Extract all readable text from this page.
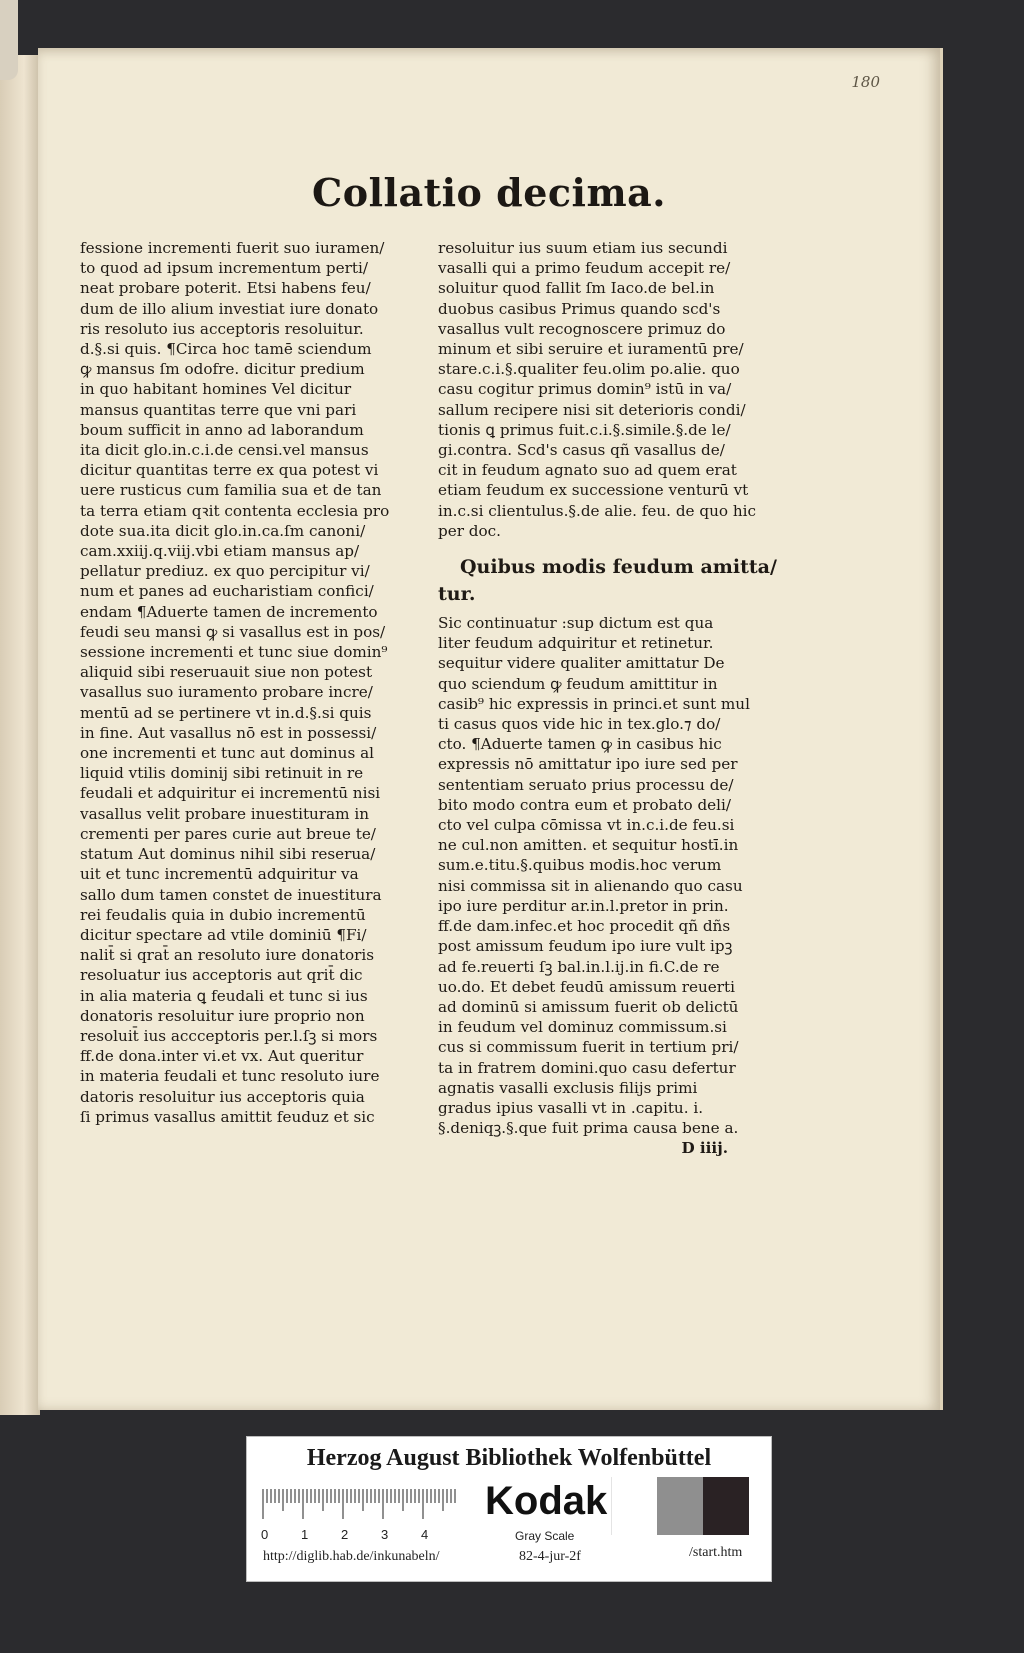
180
Collatio decima.
fessione incrementi fuerit suo iuramen/
to quod ad ipsum incrementum perti/
neat probare poterit. Etsi habens feu/
dum de illo alium investiat iure donato
ris resoluto ius acceptoris resoluitur.
d.§.si quis. ¶Circa hoc tamē sciendum
ꝙ mansus ſm odofre. dicitur predium
in quo habitant homines Vel dicitur
mansus quantitas terre que vni pari
boum sufficit in anno ad laborandum
ita dicit glo.in.c.i.de censi.vel mansus
dicitur quantitas terre ex qua potest vi
uere rusticus cum familia sua et de tan
ta terra etiam qꝛit contenta ecclesia pro
dote sua.ita dicit glo.in.ca.ſm canoni/
cam.xxiij.q.viij.vbi etiam mansus ap/
pellatur prediuz. ex quo percipitur vi/
num et panes ad eucharistiam confici/
endam ¶Aduerte tamen de incremento
feudi seu mansi ꝙ si vasallus est in pos/
sessione incrementi et tunc siue domin⁹
aliquid sibi reseruauit siue non potest
vasallus suo iuramento probare incre/
mentū ad se pertinere vt in.d.§.si quis
in fine. Aut vasallus nō est in possessi/
one incrementi et tunc aut dominus al
liquid vtilis dominij sibi retinuit in re
feudali et adquiritur ei incrementū nisi
vasallus velit probare inuestituram in
crementi per pares curie aut breue te/
statum Aut dominus nihil sibi reserua/
uit et tunc incrementū adquiritur va
sallo dum tamen constet de inuestitura
rei feudalis quia in dubio incrementū
dicitur spectare ad vtile dominiū ¶Fi/
nalit̄ si qrat̄ an resoluto iure donatoris
resoluatur ius acceptoris aut qrit̄ dic
in alia materia ꝗ feudali et tunc si ius
donatoris resoluitur iure proprio non
resoluit̄ ius accceptoris per.l.ſꝫ si mors
ff.de dona.inter vi.et vx. Aut queritur
in materia feudali et tunc resoluto iure
datoris resoluitur ius acceptoris quia
ſi primus vasallus amittit feuduz et sic
resoluitur ius suum etiam ius secundi
vasalli qui a primo feudum accepit re/
soluitur quod fallit ſm Iaco.de bel.in
duobus casibus Primus quando scd's
vasallus vult recognoscere primuz do
minum et sibi seruire et iuramentū pre/
stare.c.i.§.qualiter feu.olim po.alie. quo
casu cogitur primus domin⁹ istū in va/
sallum recipere nisi sit deterioris condi/
tionis ꝗ primus fuit.c.i.§.simile.§.de le/
gi.contra. Scd's casus qñ vasallus de/
cit in feudum agnato suo ad quem erat
etiam feudum ex successione venturū vt
in.c.si clientulus.§.de alie. feu. de quo hic
per doc.
Quibus modis feudum amitta/
tur.
Sic continuatur :sup dictum est qua
liter feudum adquiritur et retinetur.
sequitur videre qualiter amittatur De
quo sciendum ꝙ feudum amittitur in
casib⁹ hic expressis in princi.et sunt mul
ti casus quos vide hic in tex.glo.⁊ do/
cto. ¶Aduerte tamen ꝙ in casibus hic
expressis nō amittatur ipo iure sed per
sententiam seruato prius processu de/
bito modo contra eum et probato deli/
cto vel culpa cōmissa vt in.c.i.de feu.si
ne cul.non amitten. et sequitur hostī.in
sum.e.titu.§.quibus modis.hoc verum
nisi commissa sit in alienando quo casu
ipo iure perditur ar.in.l.pretor in prin.
ff.de dam.infec.et hoc procedit qñ dñs
post amissum feudum ipo iure vult ipꝫ
ad fe.reuerti ſꝫ bal.in.l.ij.in fi.C.de re
uo.do. Et debet feudū amissum reuerti
ad dominū si amissum fuerit ob delictū
in feudum vel dominuz commissum.si
cus si commissum fuerit in tertium pri/
ta in fratrem domini.quo casu defertur
agnatis vasalli exclusis filijs primi
gradus ipius vasalli vt in .capitu. i.
§.deniqꝫ.§.que fuit prima causa bene a.
D iiij.
Herzog August Bibliothek Wolfenbüttel
0	1	2	3	4
Kodak
Gray Scale
http://diglib.hab.de/inkunabeln/	82-4-jur-2f	/start.htm
